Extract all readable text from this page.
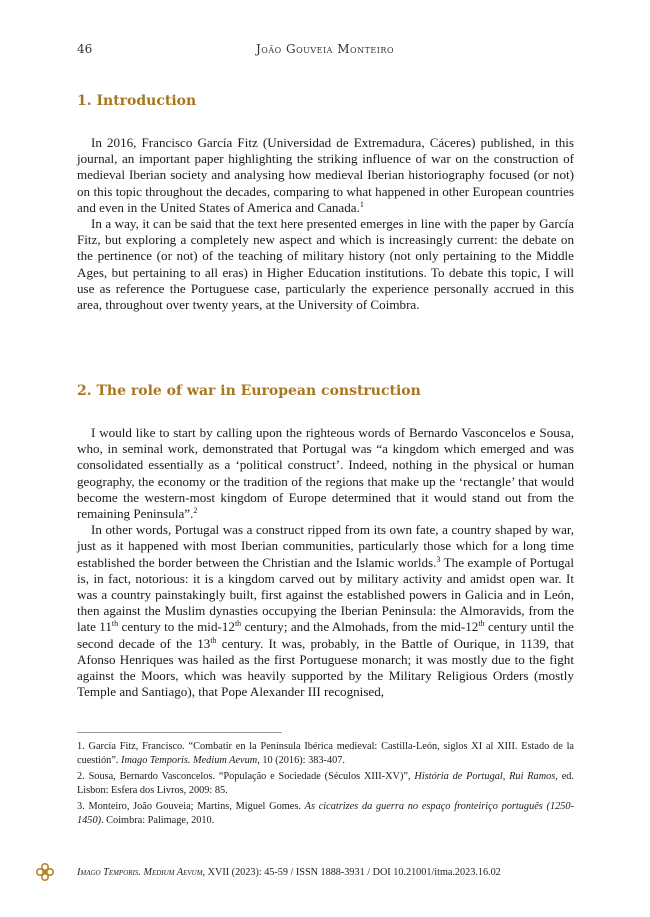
46	João Gouveia Monteiro
1. Introduction

In 2016, Francisco García Fitz (Universidad de Extremadura, Cáceres) published, in this journal, an important paper highlighting the striking influence of war on the construction of medieval Iberian society and analysing how medieval Iberian historiography focused (or not) on this topic throughout the decades, comparing to what happened in other European countries and even in the United States of America and Canada.$^1$

In a way, it can be said that the text here presented emerges in line with the paper by García Fitz, but exploring a completely new aspect and which is increasingly current: the debate on the pertinence (or not) of the teaching of military history (not only pertaining to the Middle Ages, but pertaining to all eras) in Higher Education institutions. To debate this topic, I will use as reference the Portuguese case, particularly the experience personally accrued in this area, throughout over twenty years, at the University of Coimbra.

2. The role of war in European construction

I would like to start by calling upon the righteous words of Bernardo Vasconcelos e Sousa, who, in seminal work, demonstrated that Portugal was “a kingdom which emerged and was consolidated essentially as a ‘political construct’. Indeed, nothing in the physical or human geography, the economy or the tradition of the regions that make up the ‘rectangle’ that would become the western-most kingdom of Europe determined that it would stand out from the remaining Peninsula”.$^2$

In other words, Portugal was a construct ripped from its own fate, a country shaped by war, just as it happened with most Iberian communities, particularly those which for a long time established the border between the Christian and the Islamic worlds.$^3$ The example of Portugal is, in fact, notorious: it is a kingdom carved out by military activity and amidst open war. It was a country painstakingly built, first against the established powers in Galicia and in León, then against the Muslim dynasties occupying the Iberian Peninsula: the Almoravids, from the late 11th century to the mid-12th century; and the Almohads, from the mid-12th century until the second decade of the 13th century. It was, probably, in the Battle of Ourique, in 1139, that Afonso Henriques was hailed as the first Portuguese monarch; it was mostly due to the fight against the Moors, which was heavily supported by the Military Religious Orders (mostly Temple and Santiago), that Pope Alexander III recognised,

1. García Fitz, Francisco. “Combatir en la Península Ibérica medieval: Castilla-León, siglos XI al XIII. Estado de la cuestión”. Imago Temporis. Medium Aevum, 10 (2016): 383-407.

2. Sousa, Bernardo Vasconcelos. “População e Sociedade (Séculos XIII-XV)”, História de Portugal, Rui Ramos, ed. Lisbon: Esfera dos Livros, 2009: 85.

3. Monteiro, João Gouveia; Martins, Miguel Gomes. As cicatrizes da guerra no espaço fronteiriço português (1250-1450). Coimbra: Palimage, 2010.

Imago Temporis. Medium Aevum, XVII (2023): 45-59 / ISSN 1888-3931 / DOI 10.21001/itma.2023.16.02
